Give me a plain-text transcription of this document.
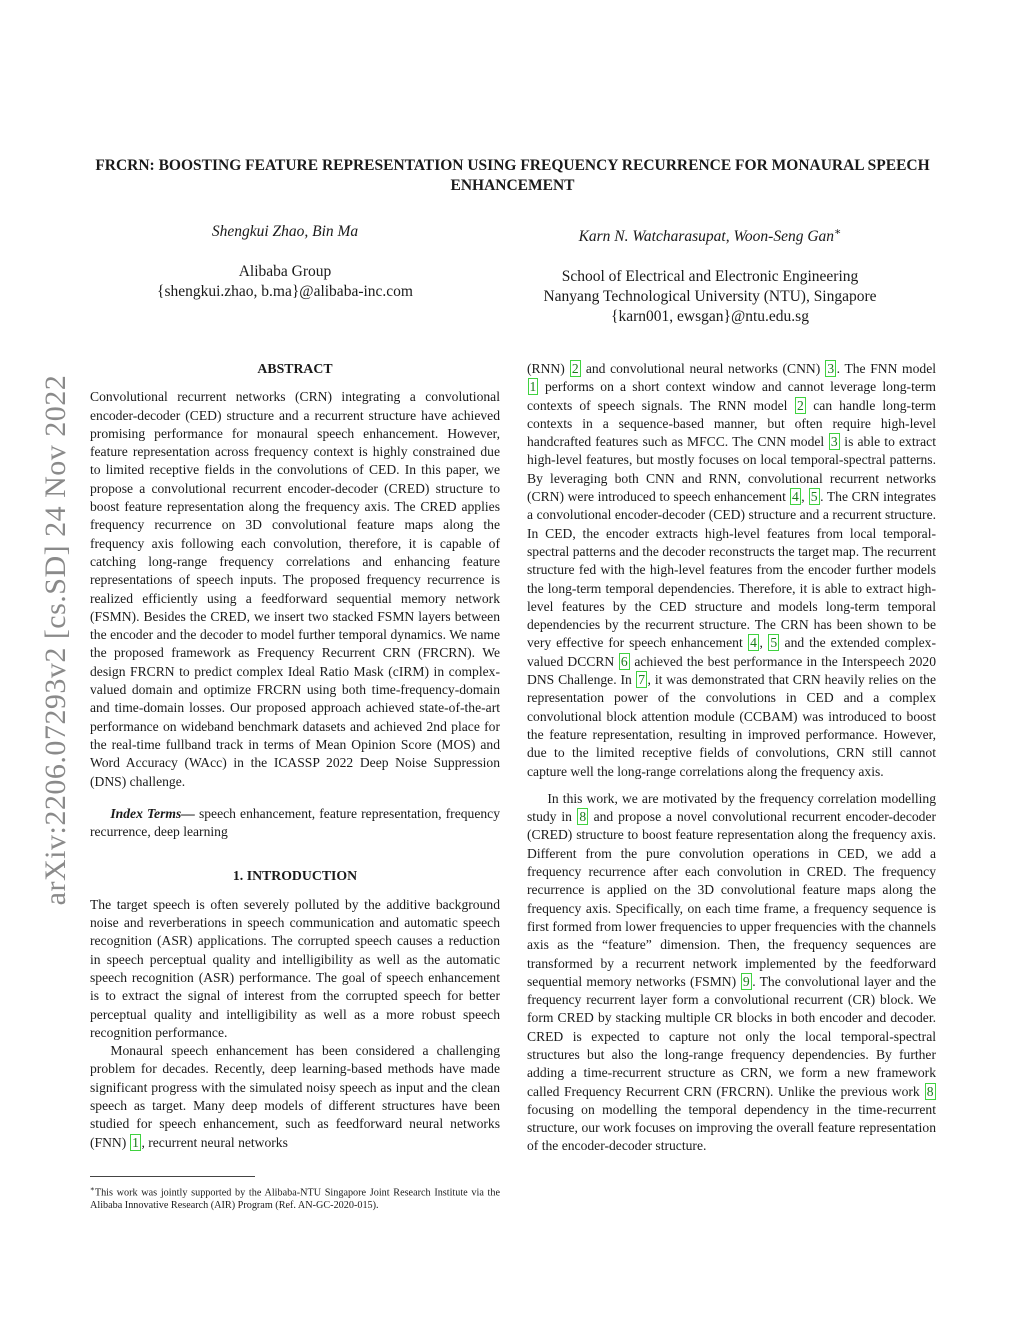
arXiv:2206.07293v2 [cs.SD] 24 Nov 2022
FRCRN: BOOSTING FEATURE REPRESENTATION USING FREQUENCY RECURRENCE FOR MONAURAL SPEECH ENHANCEMENT
Shengkui Zhao, Bin Ma
Alibaba Group
{shengkui.zhao, b.ma}@alibaba-inc.com
Karn N. Watcharasupat, Woon-Seng Gan∗
School of Electrical and Electronic Engineering
Nanyang Technological University (NTU), Singapore
{karn001, ewsgan}@ntu.edu.sg
ABSTRACT

Convolutional recurrent networks (CRN) integrating a convolutional encoder-decoder (CED) structure and a recurrent structure have achieved promising performance for monaural speech enhancement. However, feature representation across frequency context is highly constrained due to limited receptive fields in the convolutions of CED. In this paper, we propose a convolutional recurrent encoder-decoder (CRED) structure to boost feature representation along the frequency axis. The CRED applies frequency recurrence on 3D convolutional feature maps along the frequency axis following each convolution, therefore, it is capable of catching long-range frequency correlations and enhancing feature representations of speech inputs. The proposed frequency recurrence is realized efficiently using a feedforward sequential memory network (FSMN). Besides the CRED, we insert two stacked FSMN layers between the encoder and the decoder to model further temporal dynamics. We name the proposed framework as Frequency Recurrent CRN (FRCRN). We design FRCRN to predict complex Ideal Ratio Mask (cIRM) in complex-valued domain and optimize FRCRN using both time-frequency-domain and time-domain losses. Our proposed approach achieved state-of-the-art performance on wideband benchmark datasets and achieved 2nd place for the real-time fullband track in terms of Mean Opinion Score (MOS) and Word Accuracy (WAcc) in the ICASSP 2022 Deep Noise Suppression (DNS) challenge.

Index Terms— speech enhancement, feature representation, frequency recurrence, deep learning

1. INTRODUCTION

The target speech is often severely polluted by the additive background noise and reverberations in speech communication and automatic speech recognition (ASR) applications. The corrupted speech causes a reduction in speech perceptual quality and intelligibility as well as the automatic speech recognition (ASR) performance. The goal of speech enhancement is to extract the signal of interest from the corrupted speech for better perceptual quality and intelligibility as well as a more robust speech recognition performance.

Monaural speech enhancement has been considered a challenging problem for decades. Recently, deep learning-based methods have made significant progress with the simulated noisy speech as input and the clean speech as target. Many deep models of different structures have been studied for speech enhancement, such as feedforward neural networks (FNN) 1 , recurrent neural networks

(RNN) 2 and convolutional neural networks (CNN) 3 . The FNN model 1 performs on a short context window and cannot leverage long-term contexts of speech signals. The RNN model 2 can handle long-term contexts in a sequence-based manner, but often require high-level handcrafted features such as MFCC. The CNN model 3 is able to extract high-level features, but mostly focuses on local temporal-spectral patterns. By leveraging both CNN and RNN, convolutional recurrent networks (CRN) were introduced to speech enhancement 4 , 5 . The CRN integrates a convolutional encoder-decoder (CED) structure and a recurrent structure. In CED, the encoder extracts high-level features from local temporal-spectral patterns and the decoder reconstructs the target map. The recurrent structure fed with the high-level features from the encoder further models the long-term temporal dependencies. Therefore, it is able to extract high-level features by the CED structure and models long-term temporal dependencies by the recurrent structure. The CRN has been shown to be very effective for speech enhancement 4 , 5 and the extended complex-valued DCCRN 6 achieved the best performance in the Interspeech 2020 DNS Challenge. In 7 , it was demonstrated that CRN heavily relies on the representation power of the convolutions in CED and a complex convolutional block attention module (CCBAM) was introduced to boost the feature representation, resulting in improved performance. However, due to the limited receptive fields of convolutions, CRN still cannot capture well the long-range correlations along the frequency axis.

In this work, we are motivated by the frequency correlation modelling study in 8 and propose a novel convolutional recurrent encoder-decoder (CRED) structure to boost feature representation along the frequency axis. Different from the pure convolution operations in CED, we add a frequency recurrence after each convolution in CRED. The frequency recurrence is applied on the 3D convolutional feature maps along the frequency axis. Specifically, on each time frame, a frequency sequence is first formed from lower frequencies to upper frequencies with the channels axis as the “feature” dimension. Then, the frequency sequences are transformed by a recurrent network implemented by the feedforward sequential memory networks (FSMN) 9 . The convolutional layer and the frequency recurrent layer form a convolutional recurrent (CR) block. We form CRED by stacking multiple CR blocks in both encoder and decoder. CRED is expected to capture not only the local temporal-spectral structures but also the long-range frequency dependencies. By further adding a time-recurrent structure as CRN, we form a new framework called Frequency Recurrent CRN (FRCRN). Unlike the previous work 8 focusing on modelling the temporal dependency in the time-recurrent structure, our work focuses on improving the overall feature representation of the encoder-decoder structure.

∗This work was jointly supported by the Alibaba-NTU Singapore Joint Research Institute via the Alibaba Innovative Research (AIR) Program (Ref. AN-GC-2020-015).
